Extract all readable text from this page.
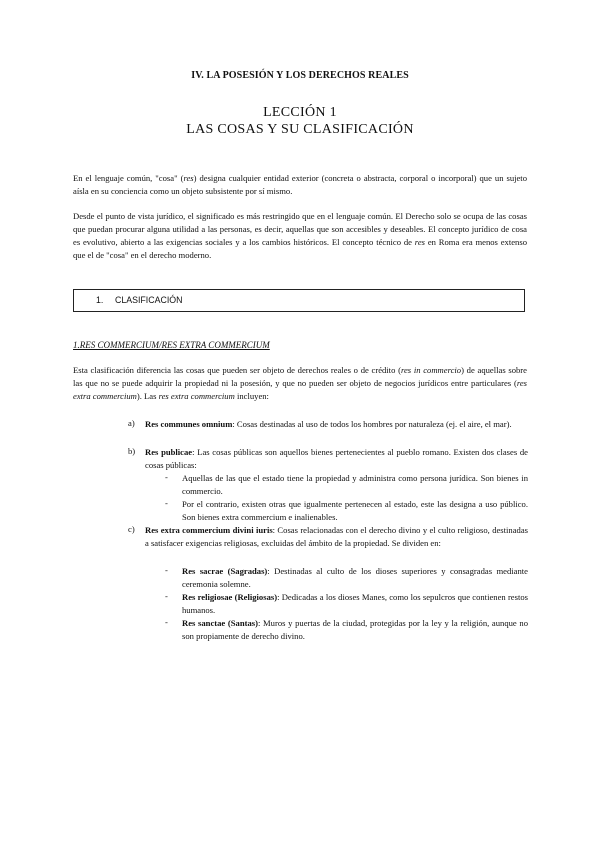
IV. LA POSESIÓN Y LOS DERECHOS REALES
LECCIÓN 1
LAS COSAS Y SU CLASIFICACIÓN
En el lenguaje común, "cosa" (res) designa cualquier entidad exterior (concreta o abstracta, corporal o incorporal) que un sujeto aísla en su conciencia como un objeto subsistente por sí mismo.
Desde el punto de vista jurídico, el significado es más restringido que en el lenguaje común. El Derecho solo se ocupa de las cosas que puedan procurar alguna utilidad a las personas, es decir, aquellas que son accesibles y deseables. El concepto jurídico de cosa es evolutivo, abierto a las exigencias sociales y a los cambios históricos. El concepto técnico de res en Roma era menos extenso que el de "cosa" en el derecho moderno.
1. CLASIFICACIÓN
1.RES COMMERCIUM/RES EXTRA COMMERCIUM
Esta clasificación diferencia las cosas que pueden ser objeto de derechos reales o de crédito (res in commercio) de aquellas sobre las que no se puede adquirir la propiedad ni la posesión, y que no pueden ser objeto de negocios jurídicos entre particulares (res extra commercium). Las res extra commercium incluyen:
a) Res communes omnium: Cosas destinadas al uso de todos los hombres por naturaleza (ej. el aire, el mar).
b) Res publicae: Las cosas públicas son aquellos bienes pertenecientes al pueblo romano. Existen dos clases de cosas públicas:
- Aquellas de las que el estado tiene la propiedad y administra como persona jurídica. Son bienes in commercio.
- Por el contrario, existen otras que igualmente pertenecen al estado, este las designa a uso público. Son bienes extra commercium e inalienables.
c) Res extra commercium divini iuris: Cosas relacionadas con el derecho divino y el culto religioso, destinadas a satisfacer exigencias religiosas, excluidas del ámbito de la propiedad. Se dividen en:
- Res sacrae (Sagradas): Destinadas al culto de los dioses superiores y consagradas mediante ceremonia solemne.
- Res religiosae (Religiosas): Dedicadas a los dioses Manes, como los sepulcros que contienen restos humanos.
- Res sanctae (Santas): Muros y puertas de la ciudad, protegidas por la ley y la religión, aunque no son propiamente de derecho divino.
